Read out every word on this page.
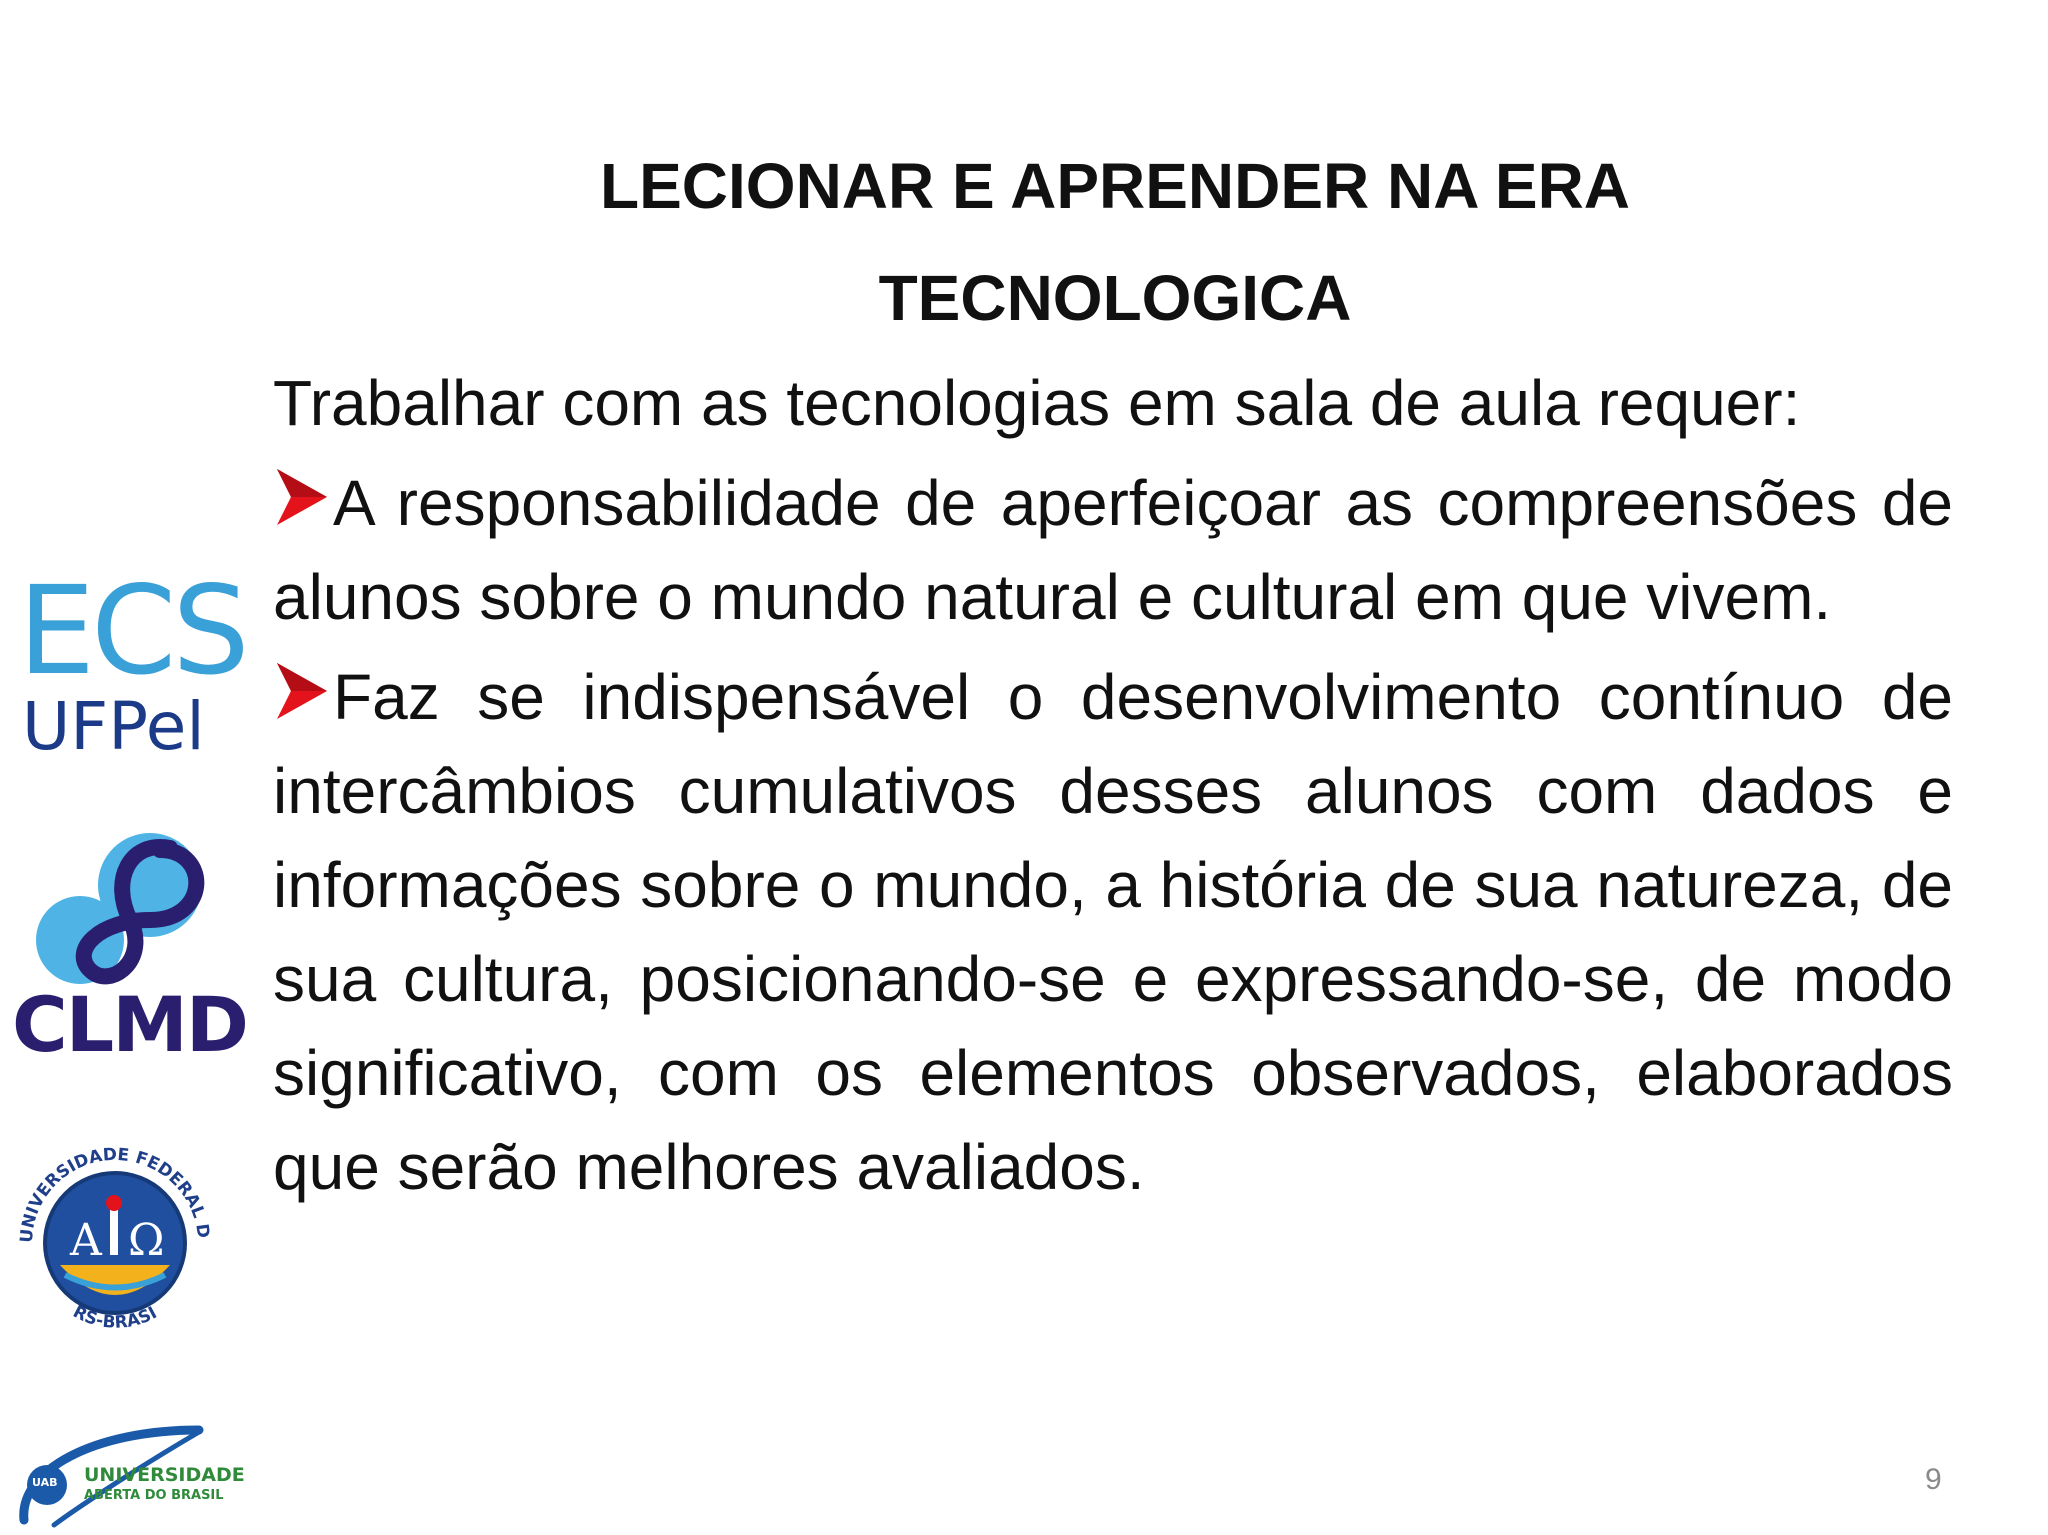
LECIONAR E APRENDER NA ERA
TECNOLOGICA

Trabalhar com as tecnologias em sala de aula requer:

A responsabilidade de aperfeiçoar as compreensões de alunos sobre o mundo natural e cultural em que vivem.

Faz se indispensável o desenvolvimento contínuo de intercâmbios cumulativos desses alunos com dados e informações sobre o mundo, a história de sua natureza, de sua cultura, posicionando-se e expressando-se, de modo significativo, com os elementos observados, elaborados que serão melhores avaliados.

ECS
UFPel
CLMD
A Ω
UNIVERSIDADE FEDERAL D
RS-BRASI
UAB UNIVERSIDADE
ABERTA DO BRASIL	9
